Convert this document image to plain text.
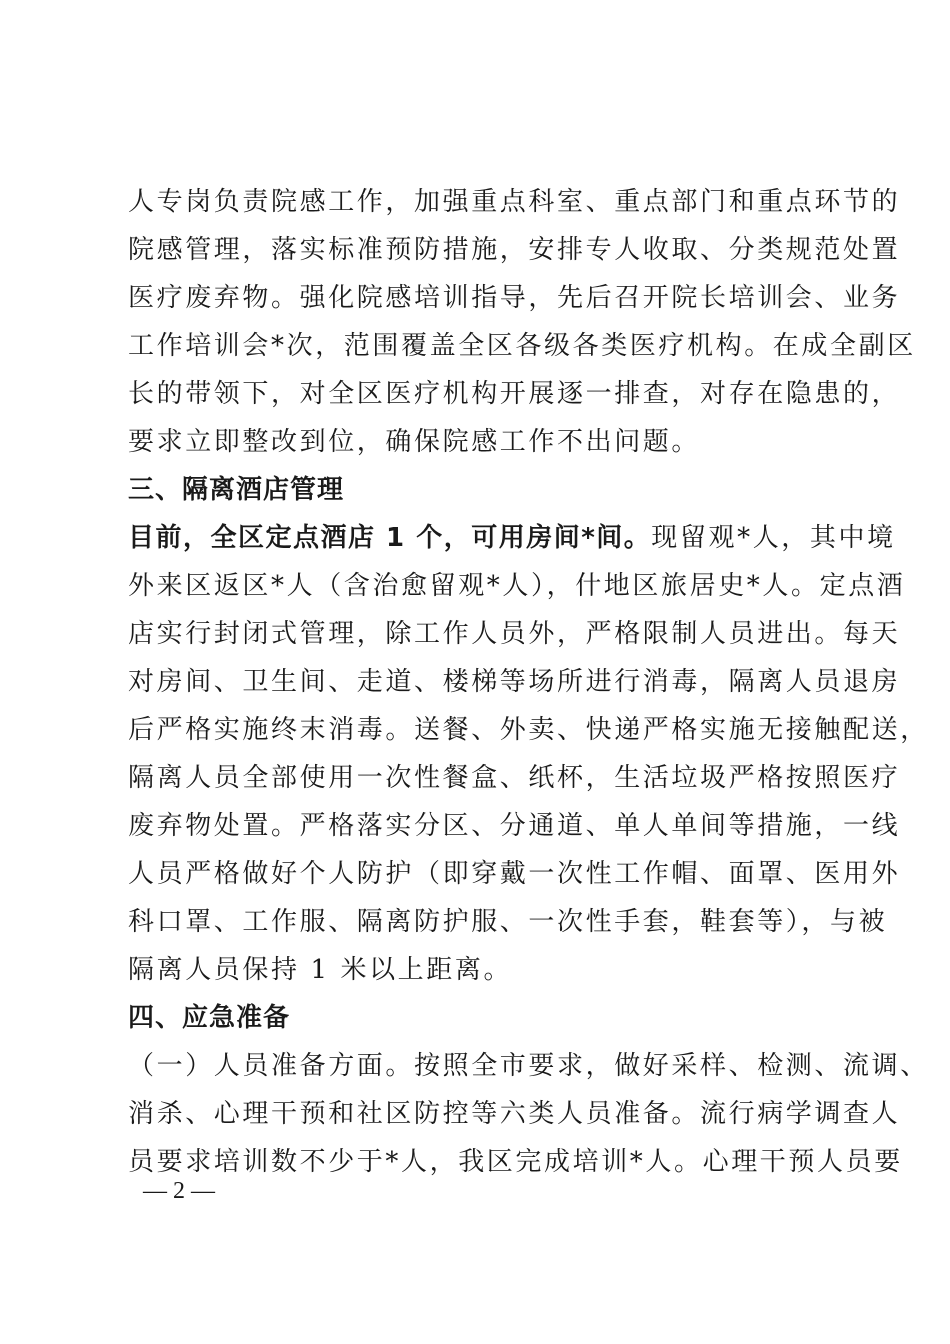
人专岗负责院感工作，加强重点科室、重点部门和重点环节的
院感管理，落实标准预防措施，安排专人收取、分类规范处置
医疗废弃物。强化院感培训指导，先后召开院长培训会、业务
工作培训会*次，范围覆盖全区各级各类医疗机构。在成全副区
长的带领下，对全区医疗机构开展逐一排查，对存在隐患的，
要求立即整改到位，确保院感工作不出问题。
三、隔离酒店管理
目前，全区定点酒店 1 个，可用房间*间。现留观*人，其中境
外来区返区*人（含治愈留观*人），什地区旅居史*人。定点酒
店实行封闭式管理，除工作人员外，严格限制人员进出。每天
对房间、卫生间、走道、楼梯等场所进行消毒，隔离人员退房
后严格实施终末消毒。送餐、外卖、快递严格实施无接触配送，
隔离人员全部使用一次性餐盒、纸杯，生活垃圾严格按照医疗
废弃物处置。严格落实分区、分通道、单人单间等措施，一线
人员严格做好个人防护（即穿戴一次性工作帽、面罩、医用外
科口罩、工作服、隔离防护服、一次性手套，鞋套等），与被
隔离人员保持 1 米以上距离。
四、应急准备
（一）人员准备方面。按照全市要求，做好采样、检测、流调、
消杀、心理干预和社区防控等六类人员准备。流行病学调查人
员要求培训数不少于*人，我区完成培训*人。心理干预人员要
— 2 —
